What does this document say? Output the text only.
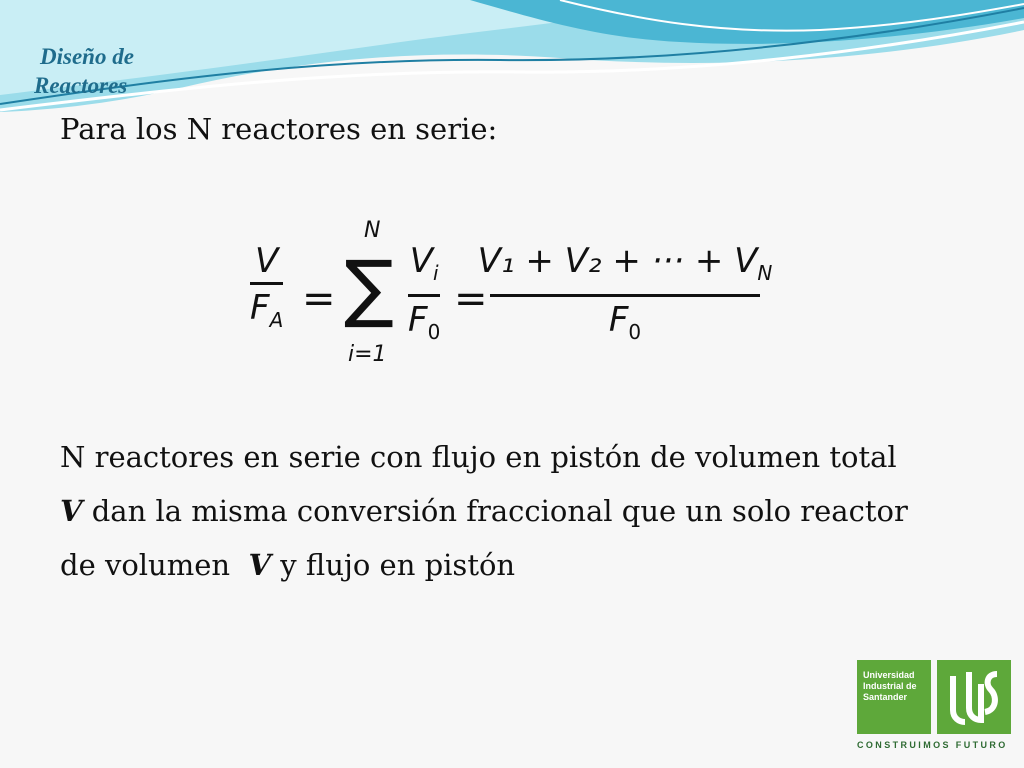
Diseño de
Reactores
Para los N reactores en serie:
V
$F_A$ =
N
∑
i=1
$V_i$
$F_0$
=
V₁ + V₂ + ··· + $V_N$
$F_0$
N reactores en serie con flujo en pistón de volumen total
V dan la misma conversión fraccional que un solo reactor
de volumen  V y flujo en pistón
Universidad
Industrial de
Santander
CONSTRUIMOS FUTURO
